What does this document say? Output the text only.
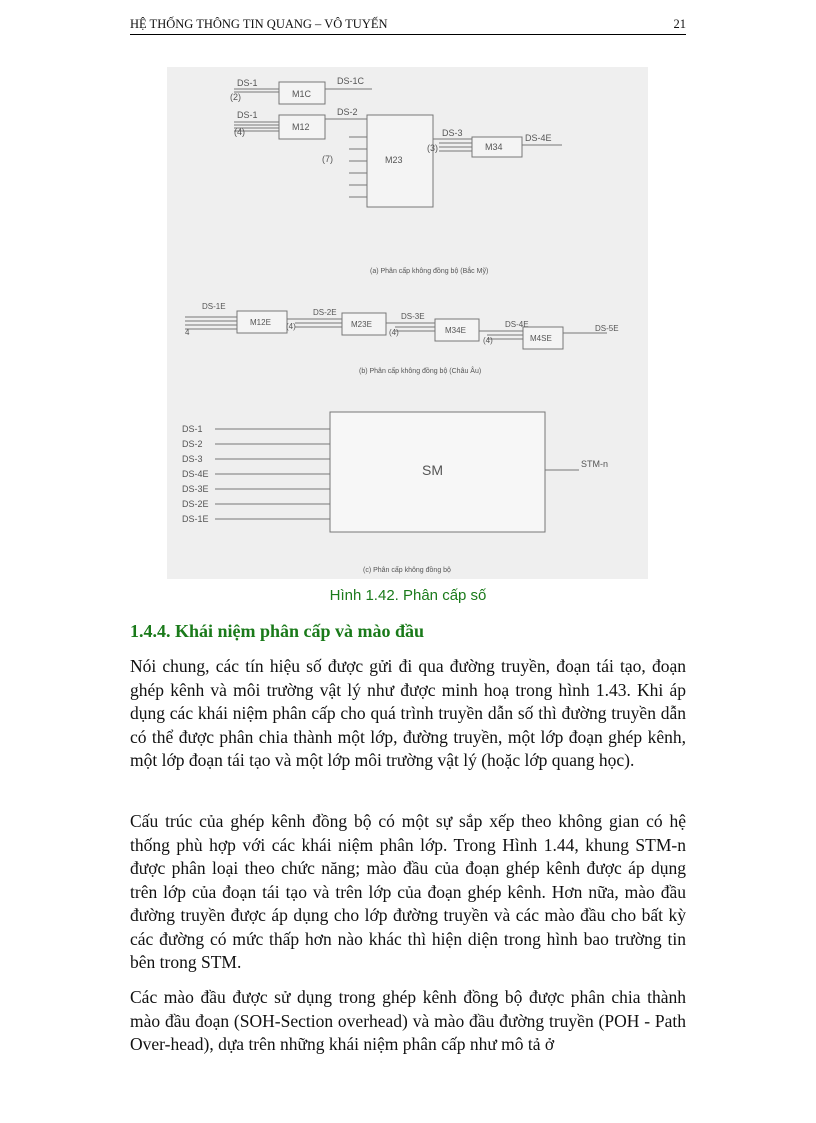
HỆ THỐNG THÔNG TIN QUANG – VÔ TUYẾN	21
DS-1
(2)
DS-1
(4)
M1C
M12
M23
M34
DS-1C
DS-2
DS-3	DS-4E
(7)
(3)
(a) Phân cấp không đồng bộ (Bắc Mỹ)
DS-1E
4
M12E	M23E
M34E
M4SE
DS-2E	DS-3E
DS-4E	DS-5E
(4)
(4)
(4)
(b) Phân cấp không đồng bộ (Châu Âu)
DS-1
DS-2
DS-3
DS-4E
DS-3E
DS-2E
DS-1E
SM	STM-n
(c) Phân cấp không đồng bộ
Hình 1.42. Phân cấp số
1.4.4. Khái niệm phân cấp và mào đầu

Nói chung, các tín hiệu số được gửi đi qua đường truyền, đoạn tái tạo, đoạn ghép kênh và môi trường vật lý như được minh hoạ trong hình 1.43. Khi áp dụng các khái niệm phân cấp cho quá trình truyền dẫn số thì đường truyền dẫn có thể được phân chia thành một lớp, đường truyền, một lớp đoạn ghép kênh, một lớp đoạn tái tạo và một lớp môi trường vật lý (hoặc lớp quang học).

Cấu trúc của ghép kênh đồng bộ có một sự sắp xếp theo không gian có hệ thống phù hợp với các khái niệm phân lớp. Trong Hình 1.44, khung STM-n được phân loại theo chức năng; mào đầu của đoạn ghép kênh được áp dụng trên lớp của đoạn tái tạo và trên lớp của đoạn ghép kênh. Hơn nữa, mào đầu đường truyền được áp dụng cho lớp đường truyền và các mào đầu cho bất kỳ các đường có mức thấp hơn nào khác thì hiện diện trong hình bao trường tin bên trong STM.

Các mào đầu được sử dụng trong ghép kênh đồng bộ được phân chia thành mào đầu đoạn (SOH-Section overhead) và mào đầu đường truyền (POH - Path Over-head), dựa trên những khái niệm phân cấp như mô tả ở
